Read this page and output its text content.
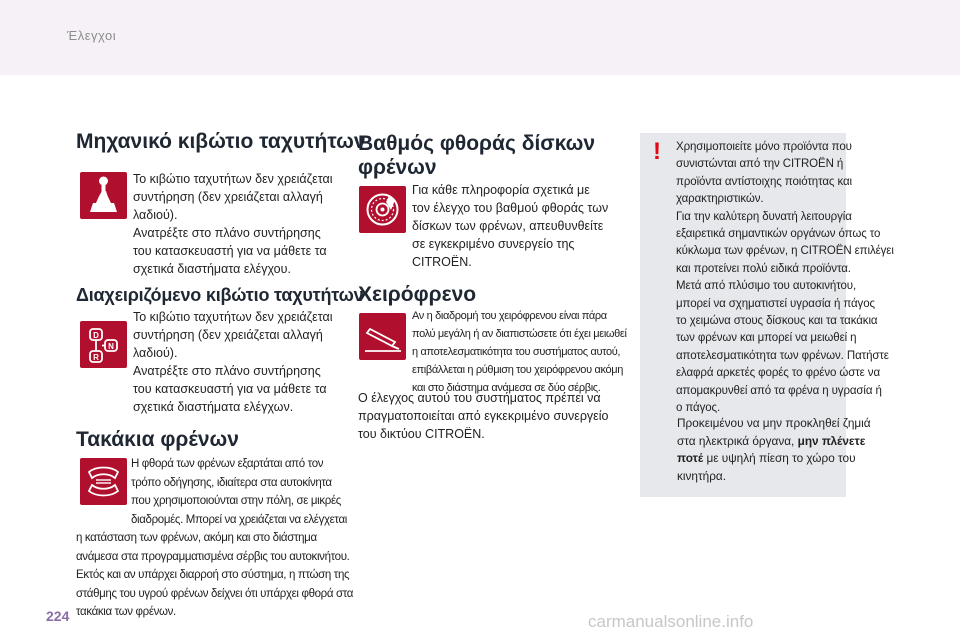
Έλεγχοι
Μηχανικό κιβώτιο ταχυτήτων
Το κιβώτιο ταχυτήτων δεν χρειάζεται
συντήρηση (δεν χρειάζεται αλλαγή
λαδιού).
Ανατρέξτε στο πλάνο συντήρησης
του κατασκευαστή για να μάθετε τα
σχετικά διαστήματα ελέγχου.
Διαχειριζόμενο κιβώτιο ταχυτήτων
D
N
R
Το κιβώτιο ταχυτήτων δεν χρειάζεται
συντήρηση (δεν χρειάζεται αλλαγή
λαδιού).
Ανατρέξτε στο πλάνο συντήρησης
του κατασκευαστή για να μάθετε τα
σχετικά διαστήματα ελέγχων.
Τακάκια φρένων
Η φθορά των φρένων εξαρτάται από τον
τρόπο οδήγησης, ιδιαίτερα στα αυτοκίνητα
που χρησιμοποιούνται στην πόλη, σε μικρές
διαδρομές. Μπορεί να χρειάζεται να ελέγχεται
η κατάσταση των φρένων, ακόμη και στο διάστημα
ανάμεσα στα προγραμματισμένα σέρβις του αυτοκινήτου.
Εκτός και αν υπάρχει διαρροή στο σύστημα, η πτώση της
στάθμης του υγρού φρένων δείχνει ότι υπάρχει φθορά στα
τακάκια των φρένων.
Βαθμός φθοράς δίσκων
φρένων
Για κάθε πληροφορία σχετικά με
τον έλεγχο του βαθμού φθοράς των
δίσκων των φρένων, απευθυνθείτε
σε εγκεκριμένο συνεργείο της
CITROËN.
Χειρόφρενο
Αν η διαδρομή του χειρόφρενου είναι πάρα
πολύ μεγάλη ή αν διαπιστώσετε ότι έχει μειωθεί
η αποτελεσματικότητα του συστήματος αυτού,
επιβάλλεται η ρύθμιση του χειρόφρενου ακόμη
και στο διάστημα ανάμεσα σε δύο σέρβις.
Ο έλεγχος αυτού του συστήματος πρέπει να
πραγματοποιείται από εγκεκριμένο συνεργείο
του δικτύου CITROËN.
! Χρησιμοποιείτε μόνο προϊόντα που
συνιστώνται από την CITROËN ή
προϊόντα αντίστοιχης ποιότητας και
χαρακτηριστικών.
Για την καλύτερη δυνατή λειτουργία
εξαιρετικά σημαντικών οργάνων όπως το
κύκλωμα των φρένων, η CITROËN επιλέγει
και προτείνει πολύ ειδικά προϊόντα.
Μετά από πλύσιμο του αυτοκινήτου,
μπορεί να σχηματιστεί υγρασία ή πάγος
το χειμώνα στους δίσκους και τα τακάκια
των φρένων και μπορεί να μειωθεί η
αποτελεσματικότητα των φρένων. Πατήστε
ελαφρά αρκετές φορές το φρένο ώστε να
απομακρυνθεί από τα φρένα η υγρασία ή
ο πάγος.
Προκειμένου να μην προκληθεί ζημιά
στα ηλεκτρικά όργανα, μην πλένετε
ποτέ με υψηλή πίεση το χώρο του
κινητήρα.
224	carmanualsonline.info
